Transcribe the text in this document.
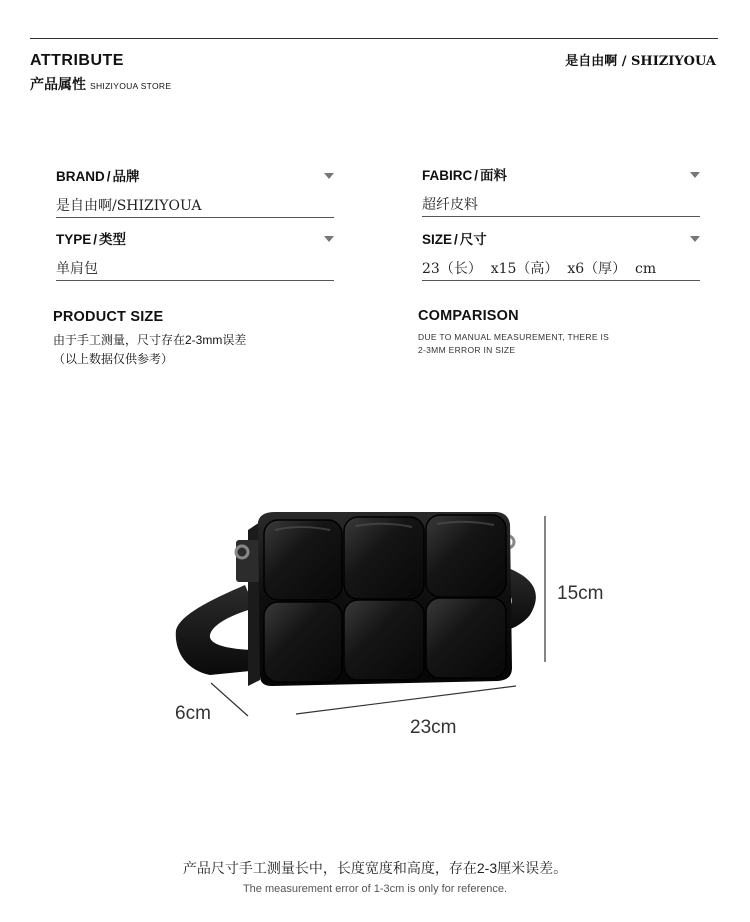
ATTRIBUTE
产品属性 SHIZIYOUA STORE
是自由啊 / SHIZIYOUA
BRAND / 品牌
是自由啊/SHIZIYOUA
FABIRC / 面料
超纤皮料
TYPE / 类型
单肩包
SIZE / 尺寸
23（长）  x15（高）  x6（厚）  cm
PRODUCT SIZE
由于手工测量，尺寸存在2-3mm误差
（以上数据仅供参考）
COMPARISON
DUE TO MANUAL MEASUREMENT, THERE IS
2-3MM ERROR IN SIZE
15cm
6cm
23cm
产品尺寸手工测量长中，长度宽度和高度，存在2-3厘米误差。
The measurement error of 1-3cm is only for reference.
